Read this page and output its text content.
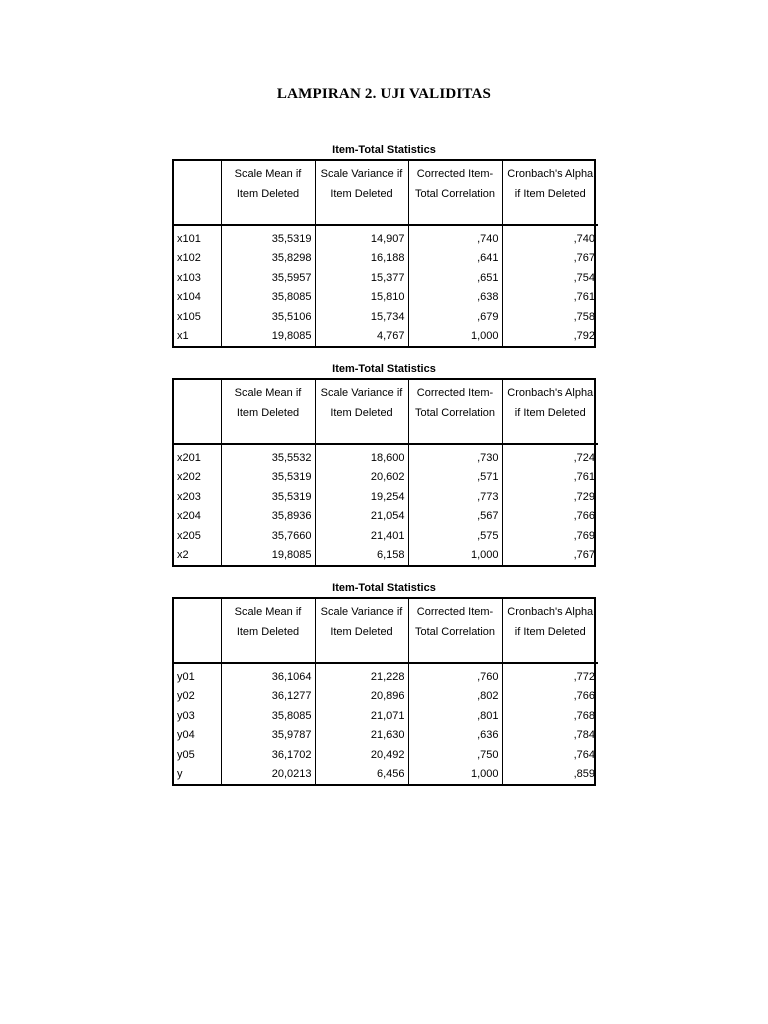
LAMPIRAN 2. UJI VALIDITAS
Item-Total Statistics
	Scale Mean if Item Deleted	Scale Variance if Item Deleted	Corrected Item-Total Correlation	Cronbach's Alpha if Item Deleted
x101	35,5319	14,907	,740	,740
x102	35,8298	16,188	,641	,767
x103	35,5957	15,377	,651	,754
x104	35,8085	15,810	,638	,761
x105	35,5106	15,734	,679	,758
x1	19,8085	4,767	1,000	,792
Item-Total Statistics
	Scale Mean if Item Deleted	Scale Variance if Item Deleted	Corrected Item-Total Correlation	Cronbach's Alpha if Item Deleted
x201	35,5532	18,600	,730	,724
x202	35,5319	20,602	,571	,761
x203	35,5319	19,254	,773	,729
x204	35,8936	21,054	,567	,766
x205	35,7660	21,401	,575	,769
x2	19,8085	6,158	1,000	,767
Item-Total Statistics
	Scale Mean if Item Deleted	Scale Variance if Item Deleted	Corrected Item-Total Correlation	Cronbach's Alpha if Item Deleted
y01	36,1064	21,228	,760	,772
y02	36,1277	20,896	,802	,766
y03	35,8085	21,071	,801	,768
y04	35,9787	21,630	,636	,784
y05	36,1702	20,492	,750	,764
y	20,0213	6,456	1,000	,859
